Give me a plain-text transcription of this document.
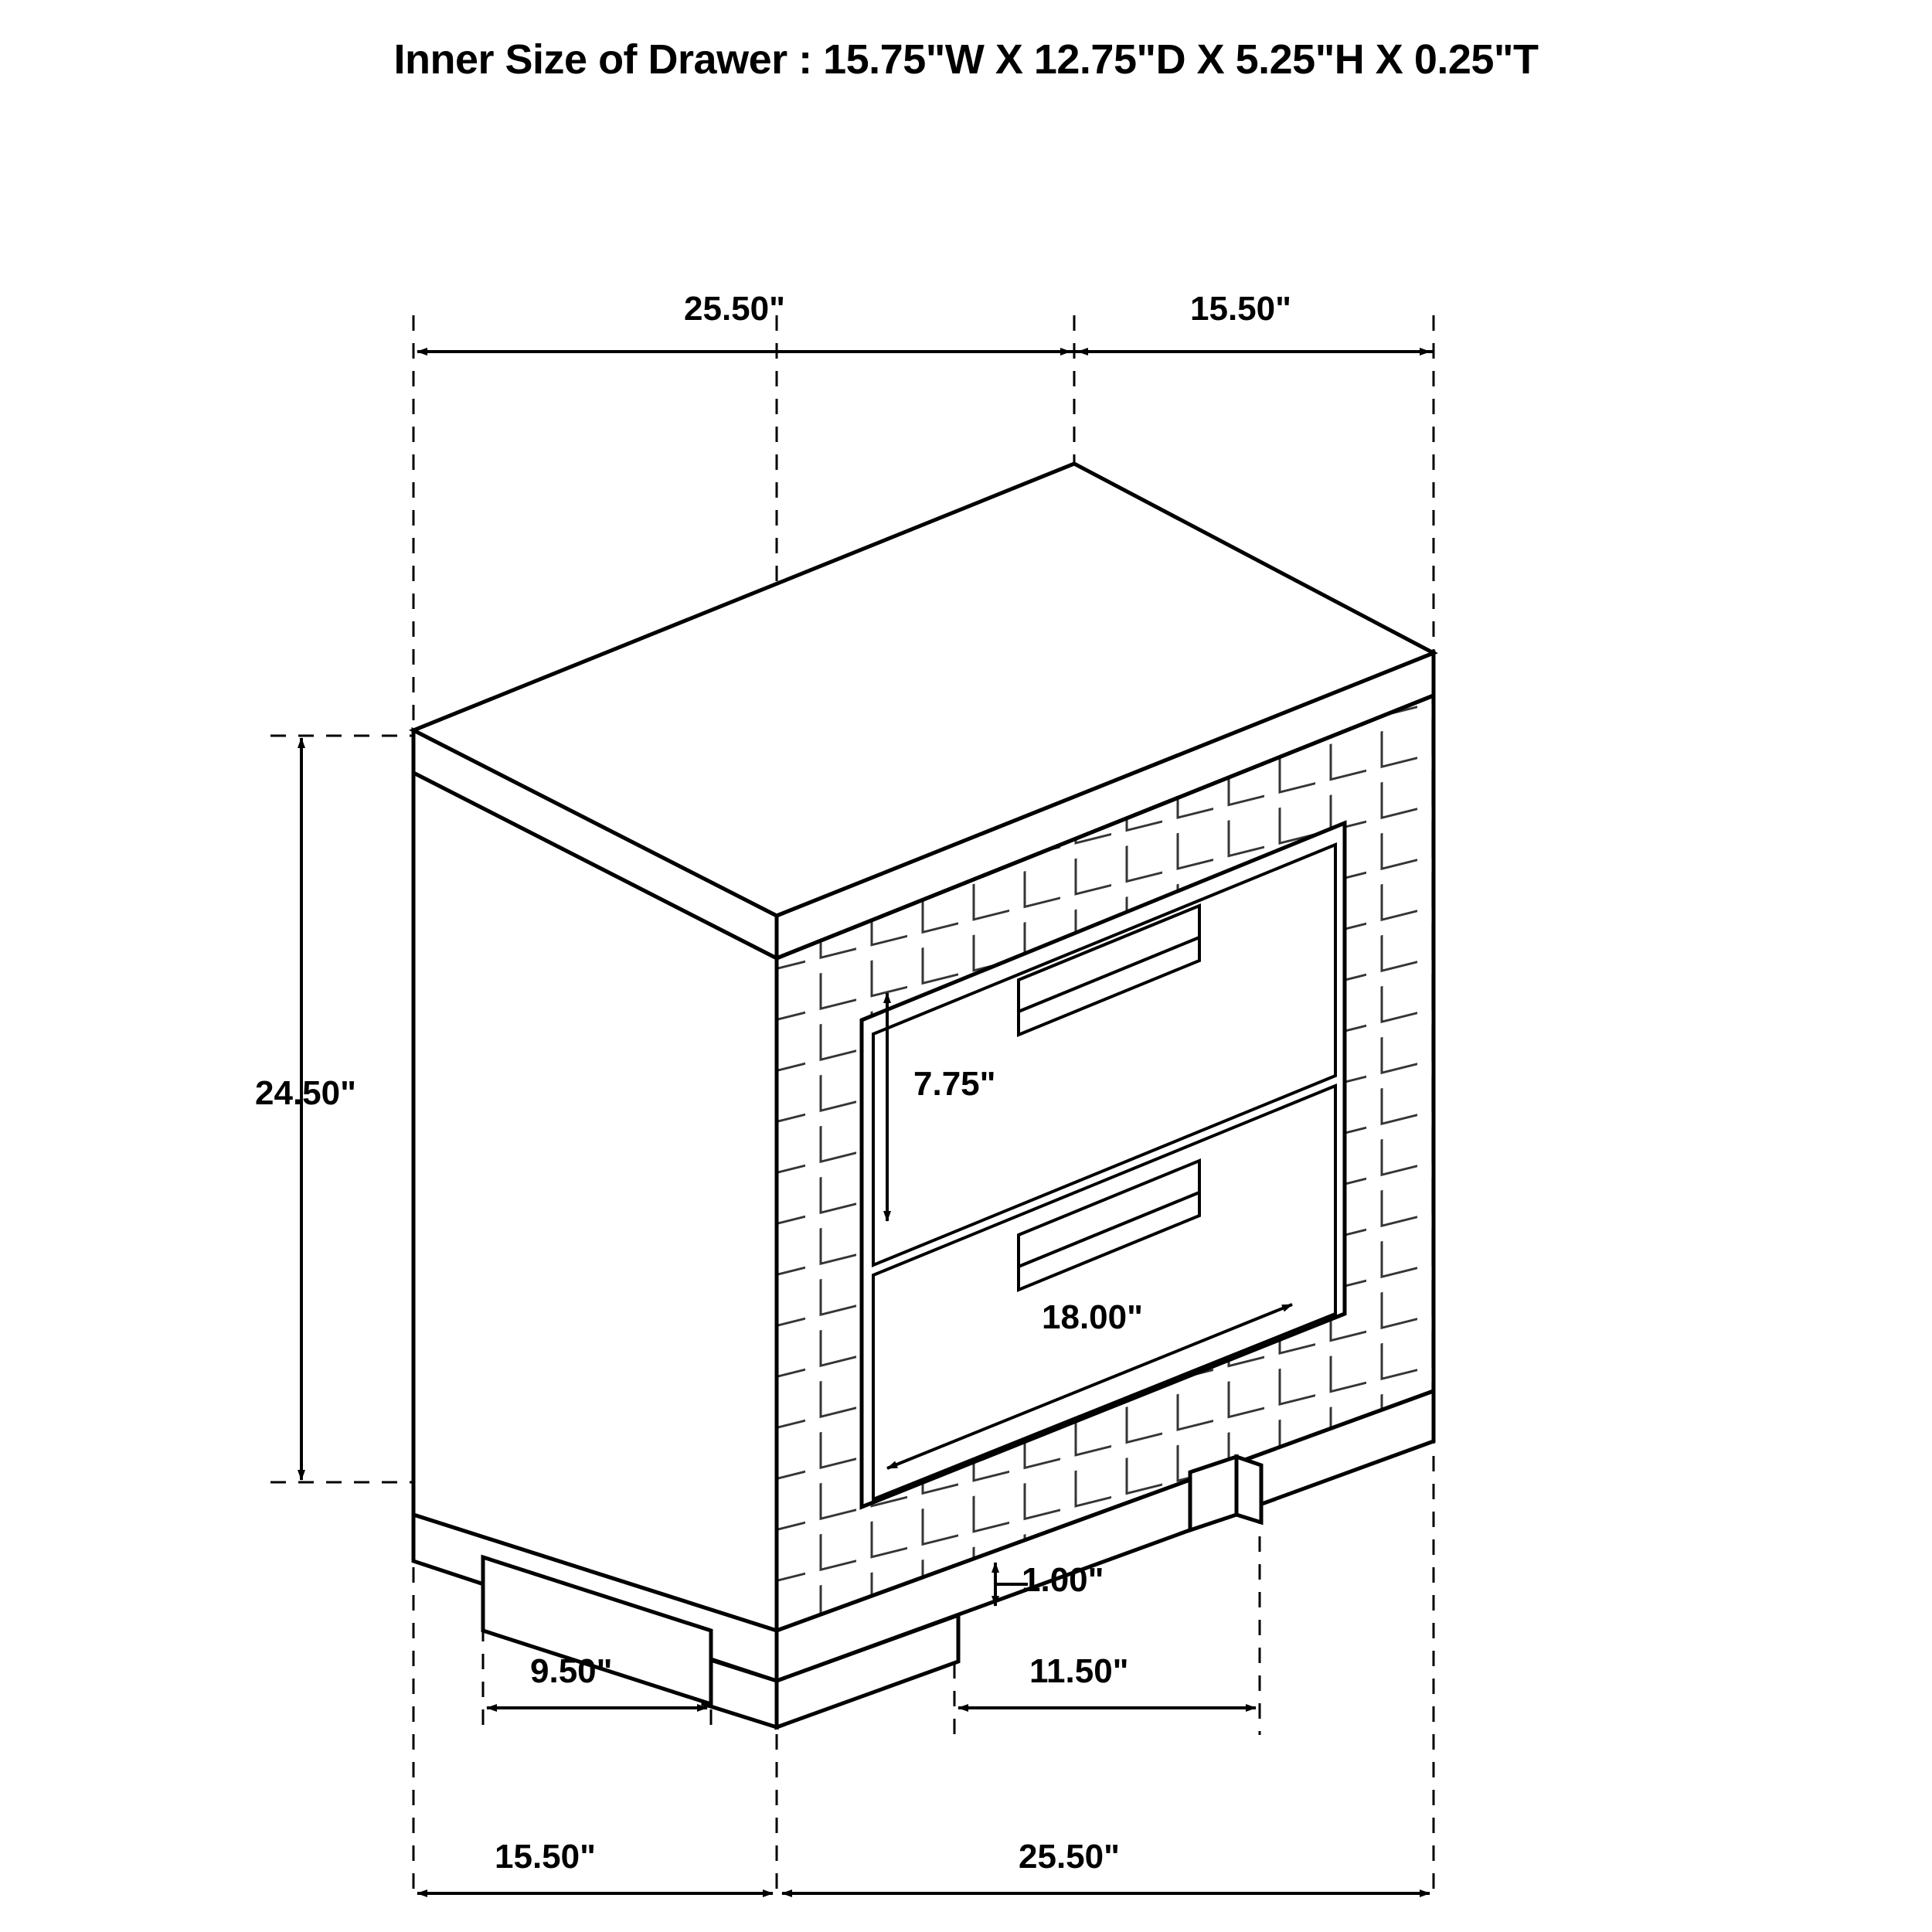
Inner Size of Drawer : 15.75"W X 12.75"D X 5.25"H X 0.25"T
25.50"	15.50"
24.50"	7.75"
18.00"
1.00"
9.50"	11.50"
15.50"	25.50"
